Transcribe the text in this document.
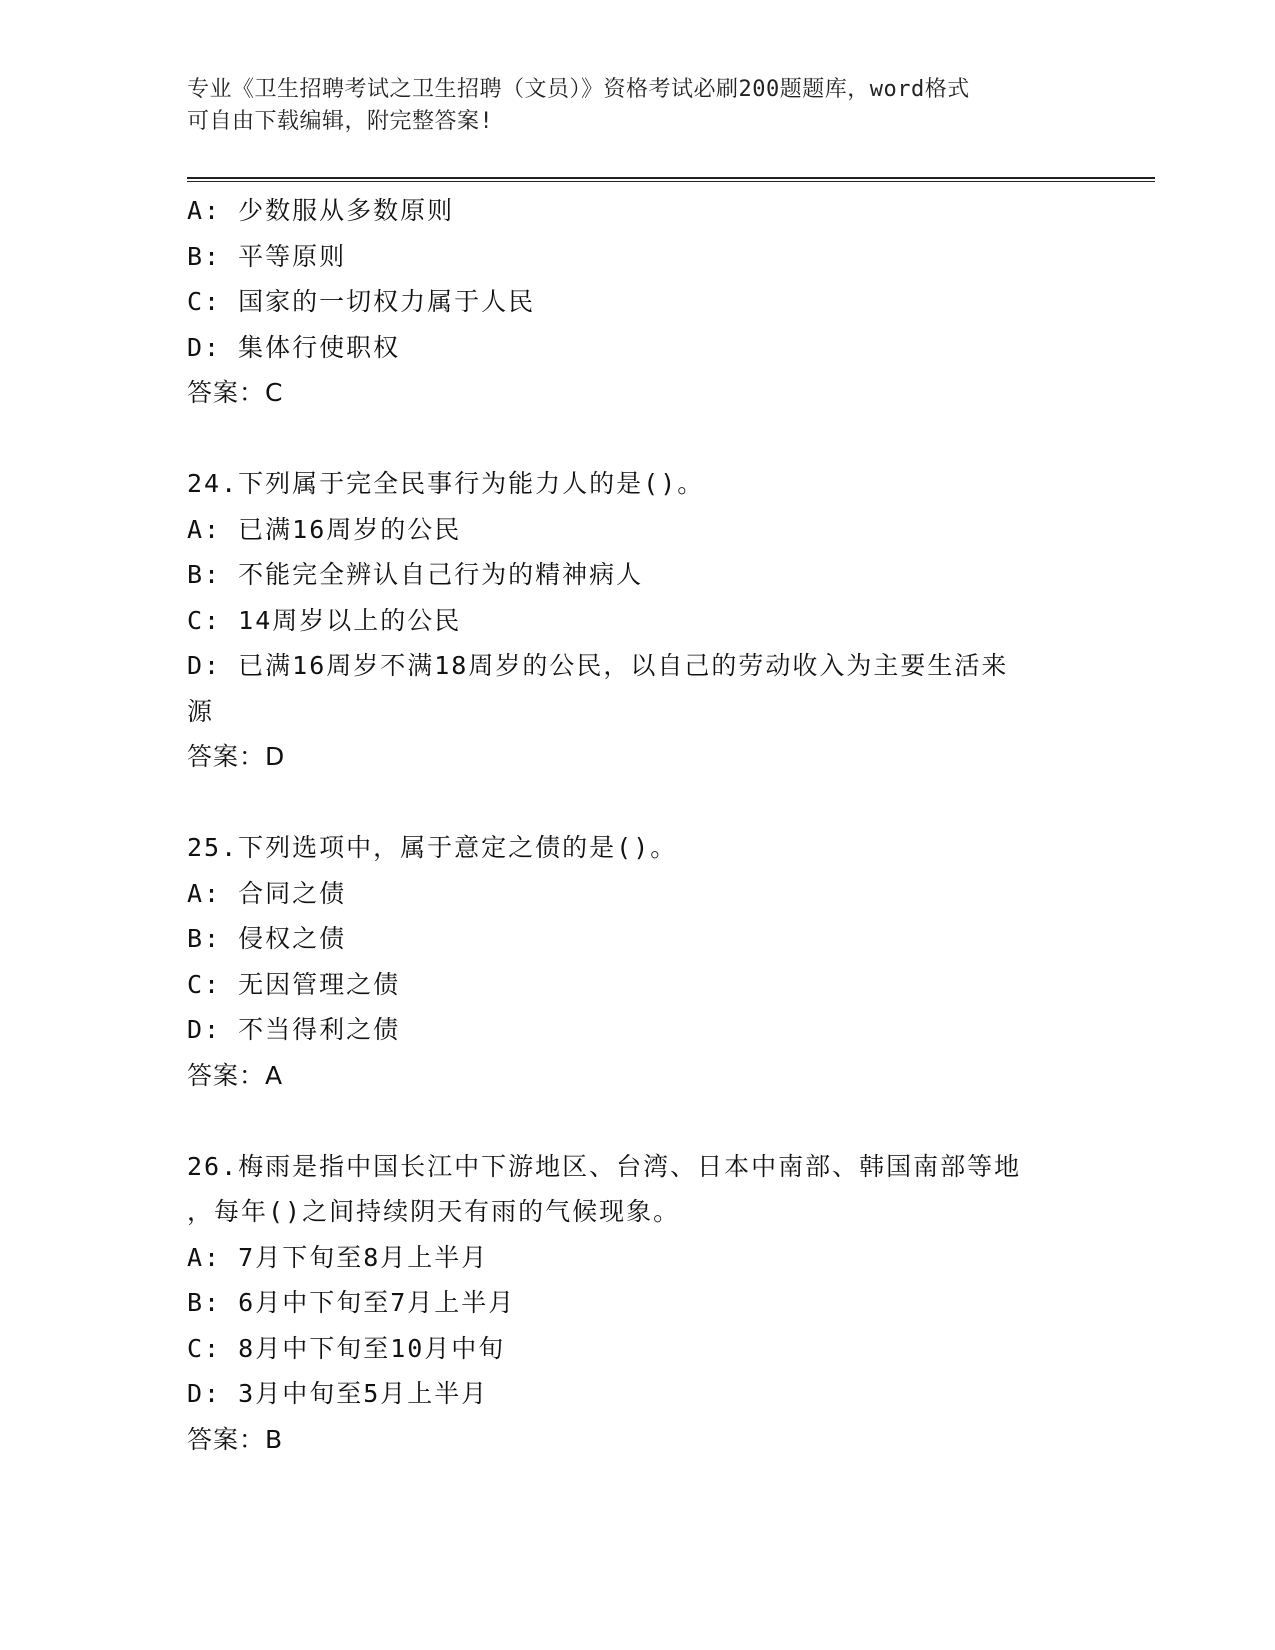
专业《卫生招聘考试之卫生招聘（文员）》资格考试必刷200题题库，word格式
可自由下载编辑，附完整答案!
A: 少数服从多数原则
B: 平等原则
C: 国家的一切权力属于人民
D: 集体行使职权
答案：C
24.下列属于完全民事行为能力人的是()。
A: 已满16周岁的公民
B: 不能完全辨认自己行为的精神病人
C: 14周岁以上的公民
D: 已满16周岁不满18周岁的公民，以自己的劳动收入为主要生活来
源
答案：D
25.下列选项中，属于意定之债的是()。
A: 合同之债
B: 侵权之债
C: 无因管理之债
D: 不当得利之债
答案：A
26.梅雨是指中国长江中下游地区、台湾、日本中南部、韩国南部等地
，每年()之间持续阴天有雨的气候现象。
A: 7月下旬至8月上半月
B: 6月中下旬至7月上半月
C: 8月中下旬至10月中旬
D: 3月中旬至5月上半月
答案：B
